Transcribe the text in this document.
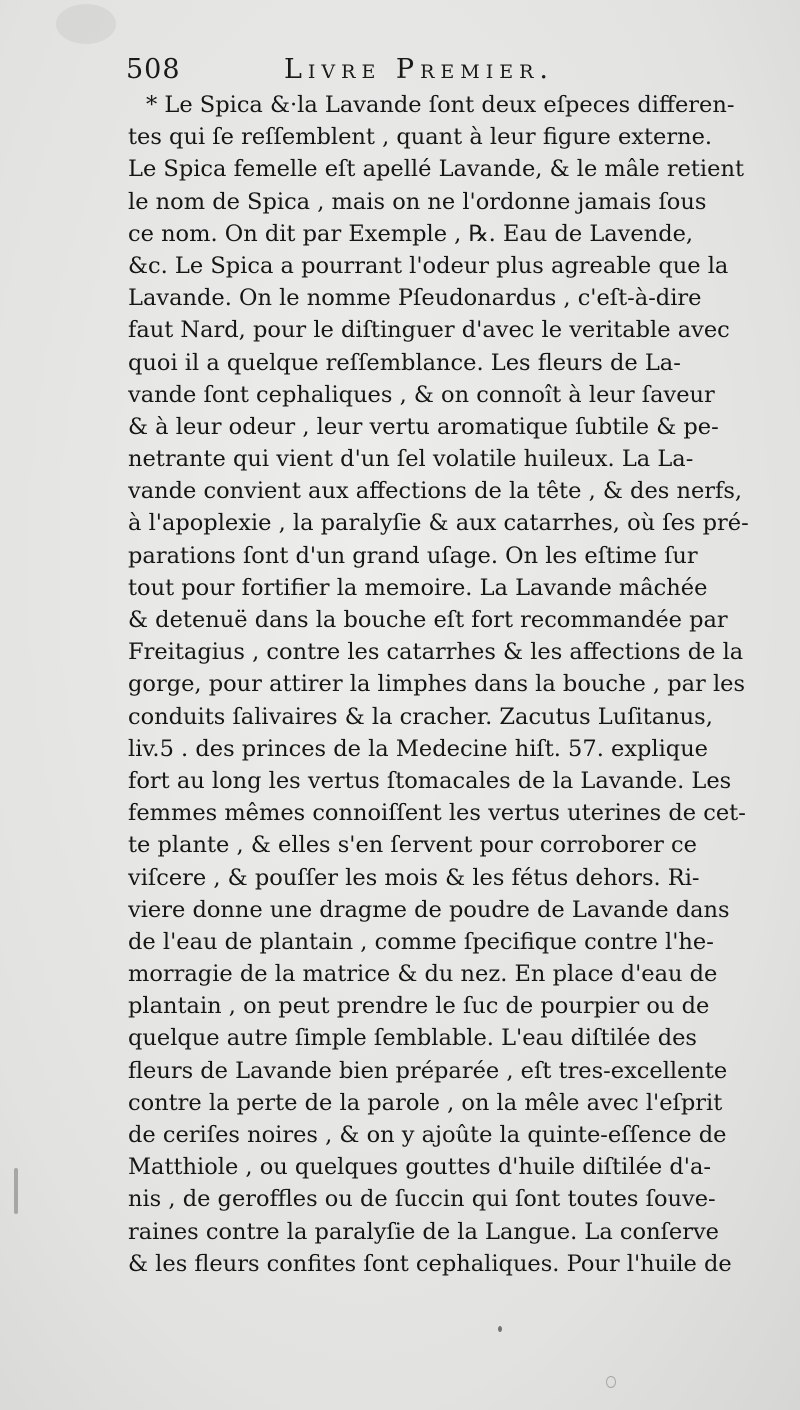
508	Livre Premier.
* Le Spica &·la Lavande ſont deux eſpeces differen-
tes qui ſe reſſemblent , quant à leur figure externe.
Le Spica femelle eſt apellé Lavande, & le mâle retient
le nom de Spica , mais on ne l'ordonne jamais ſous
ce nom. On dit par Exemple , ℞. Eau de Lavende,
&c. Le Spica a pourrant l'odeur plus agreable que la
Lavande. On le nomme Pſeudonardus , c'eſt-à-dire
faut Nard, pour le diſtinguer d'avec le veritable avec
quoi il a quelque reſſemblance. Les fleurs de La-
vande ſont cephaliques , & on connoît à leur ſaveur
& à leur odeur , leur vertu aromatique ſubtile & pe-
netrante qui vient d'un ſel volatile huileux. La La-
vande convient aux affections de la tête , & des nerfs,
à l'apoplexie , la paralyſie & aux catarrhes, où ſes pré-
parations ſont d'un grand uſage. On les eſtime ſur
tout pour fortifier la memoire. La Lavande mâchée
& detenuë dans la bouche eſt fort recommandée par
Freitagius , contre les catarrhes & les affections de la
gorge, pour attirer la limphes dans la bouche , par les
conduits ſalivaires & la cracher. Zacutus Luſitanus,
liv.5 . des princes de la Medecine hiſt. 57. explique
fort au long les vertus ſtomacales de la Lavande. Les
femmes mêmes connoiſſent les vertus uterines de cet-
te plante , & elles s'en ſervent pour corroborer ce
viſcere , & pouſſer les mois & les fétus dehors. Ri-
viere donne une dragme de poudre de Lavande dans
de l'eau de plantain , comme ſpecifique contre l'he-
morragie de la matrice & du nez. En place d'eau de
plantain , on peut prendre le ſuc de pourpier ou de
quelque autre ſimple ſemblable. L'eau diſtilée des
fleurs de Lavande bien préparée , eſt tres-excellente
contre la perte de la parole , on la mêle avec l'eſprit
de ceriſes noires , & on y ajoûte la quinte-eſſence de
Matthiole , ou quelques gouttes d'huile diſtilée d'a-
nis , de geroffles ou de ſuccin qui ſont toutes ſouve-
raines contre la paralyſie de la Langue. La conſerve
& les fleurs confites ſont cephaliques. Pour l'huile de
